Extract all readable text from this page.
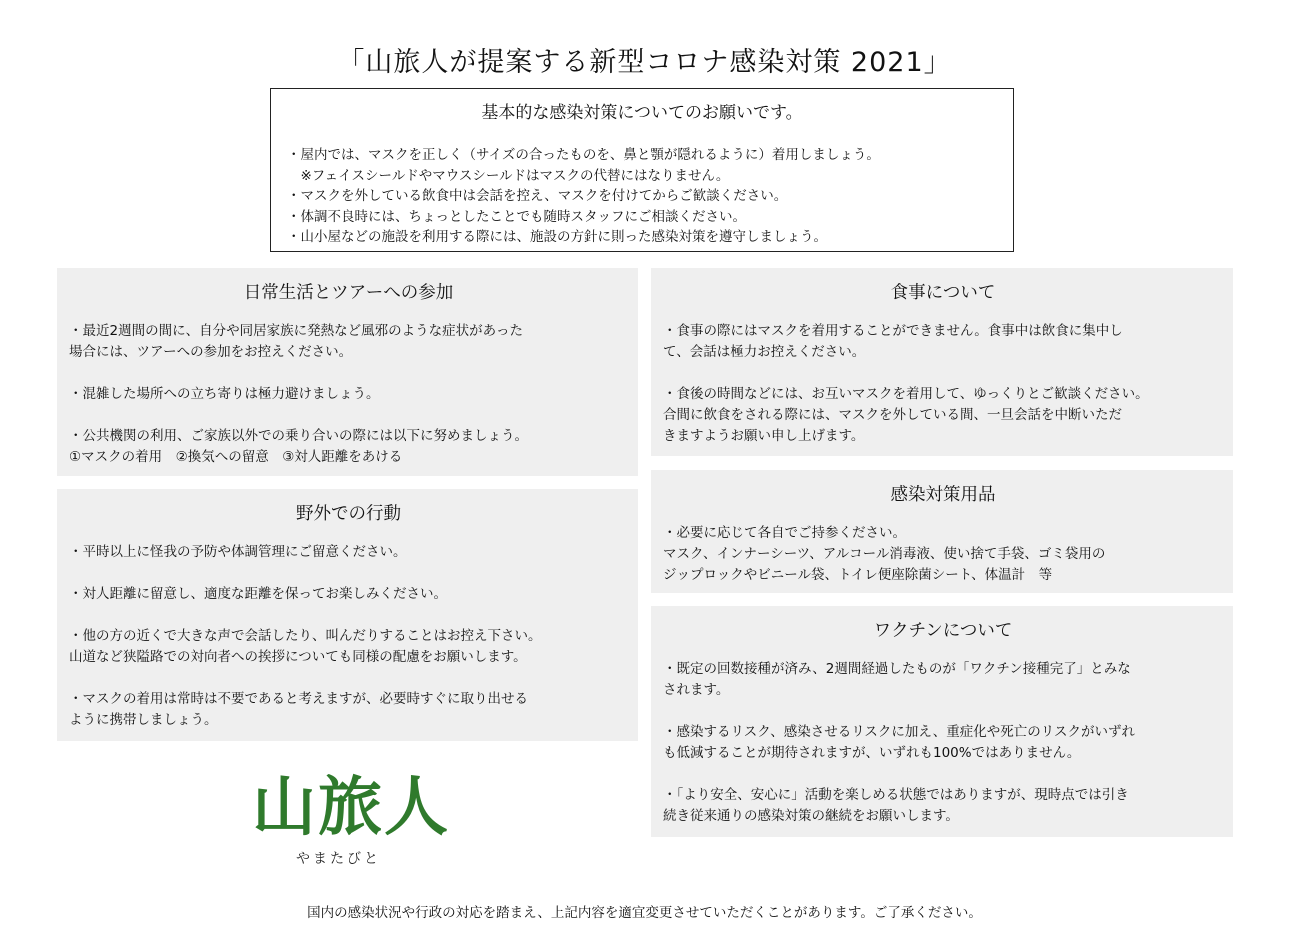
「山旅人が提案する新型コロナ感染対策 2021」
基本的な感染対策についてのお願いです。
・屋内では、マスクを正しく（サイズの合ったものを、鼻と顎が隠れるように）着用しましょう。
　※フェイスシールドやマウスシールドはマスクの代替にはなりません。
・マスクを外している飲食中は会話を控え、マスクを付けてからご歓談ください。
・体調不良時には、ちょっとしたことでも随時スタッフにご相談ください。
・山小屋などの施設を利用する際には、施設の方針に則った感染対策を遵守しましょう。
日常生活とツアーへの参加
・最近2週間の間に、自分や同居家族に発熱など風邪のような症状があった
場合には、ツアーへの参加をお控えください。
・混雑した場所への立ち寄りは極力避けましょう。
・公共機関の利用、ご家族以外での乗り合いの際には以下に努めましょう。
①マスクの着用　②換気への留意　③対人距離をあける
野外での行動
・平時以上に怪我の予防や体調管理にご留意ください。
・対人距離に留意し、適度な距離を保ってお楽しみください。
・他の方の近くで大きな声で会話したり、叫んだりすることはお控え下さい。
山道など狭隘路での対向者への挨拶についても同様の配慮をお願いします。
・マスクの着用は常時は不要であると考えますが、必要時すぐに取り出せる
ように携帯しましょう。
食事について
・食事の際にはマスクを着用することができません。食事中は飲食に集中し
て、会話は極力お控えください。
・食後の時間などには、お互いマスクを着用して、ゆっくりとご歓談ください。
合間に飲食をされる際には、マスクを外している間、一旦会話を中断いただ
きますようお願い申し上げます。
感染対策用品
・必要に応じて各自でご持参ください。
マスク、インナーシーツ、アルコール消毒液、使い捨て手袋、ゴミ袋用の
ジップロックやビニール袋、トイレ便座除菌シート、体温計　等
ワクチンについて
・既定の回数接種が済み、2週間経過したものが「ワクチン接種完了」とみな
されます。
・感染するリスク、感染させるリスクに加え、重症化や死亡のリスクがいずれ
も低減することが期待されますが、いずれも100%ではありません。
・「より安全、安心に」活動を楽しめる状態ではありますが、現時点では引き
続き従来通りの感染対策の継続をお願いします。
山旅人
やまたびと
国内の感染状況や行政の対応を踏まえ、上記内容を適宜変更させていただくことがあります。ご了承ください。
